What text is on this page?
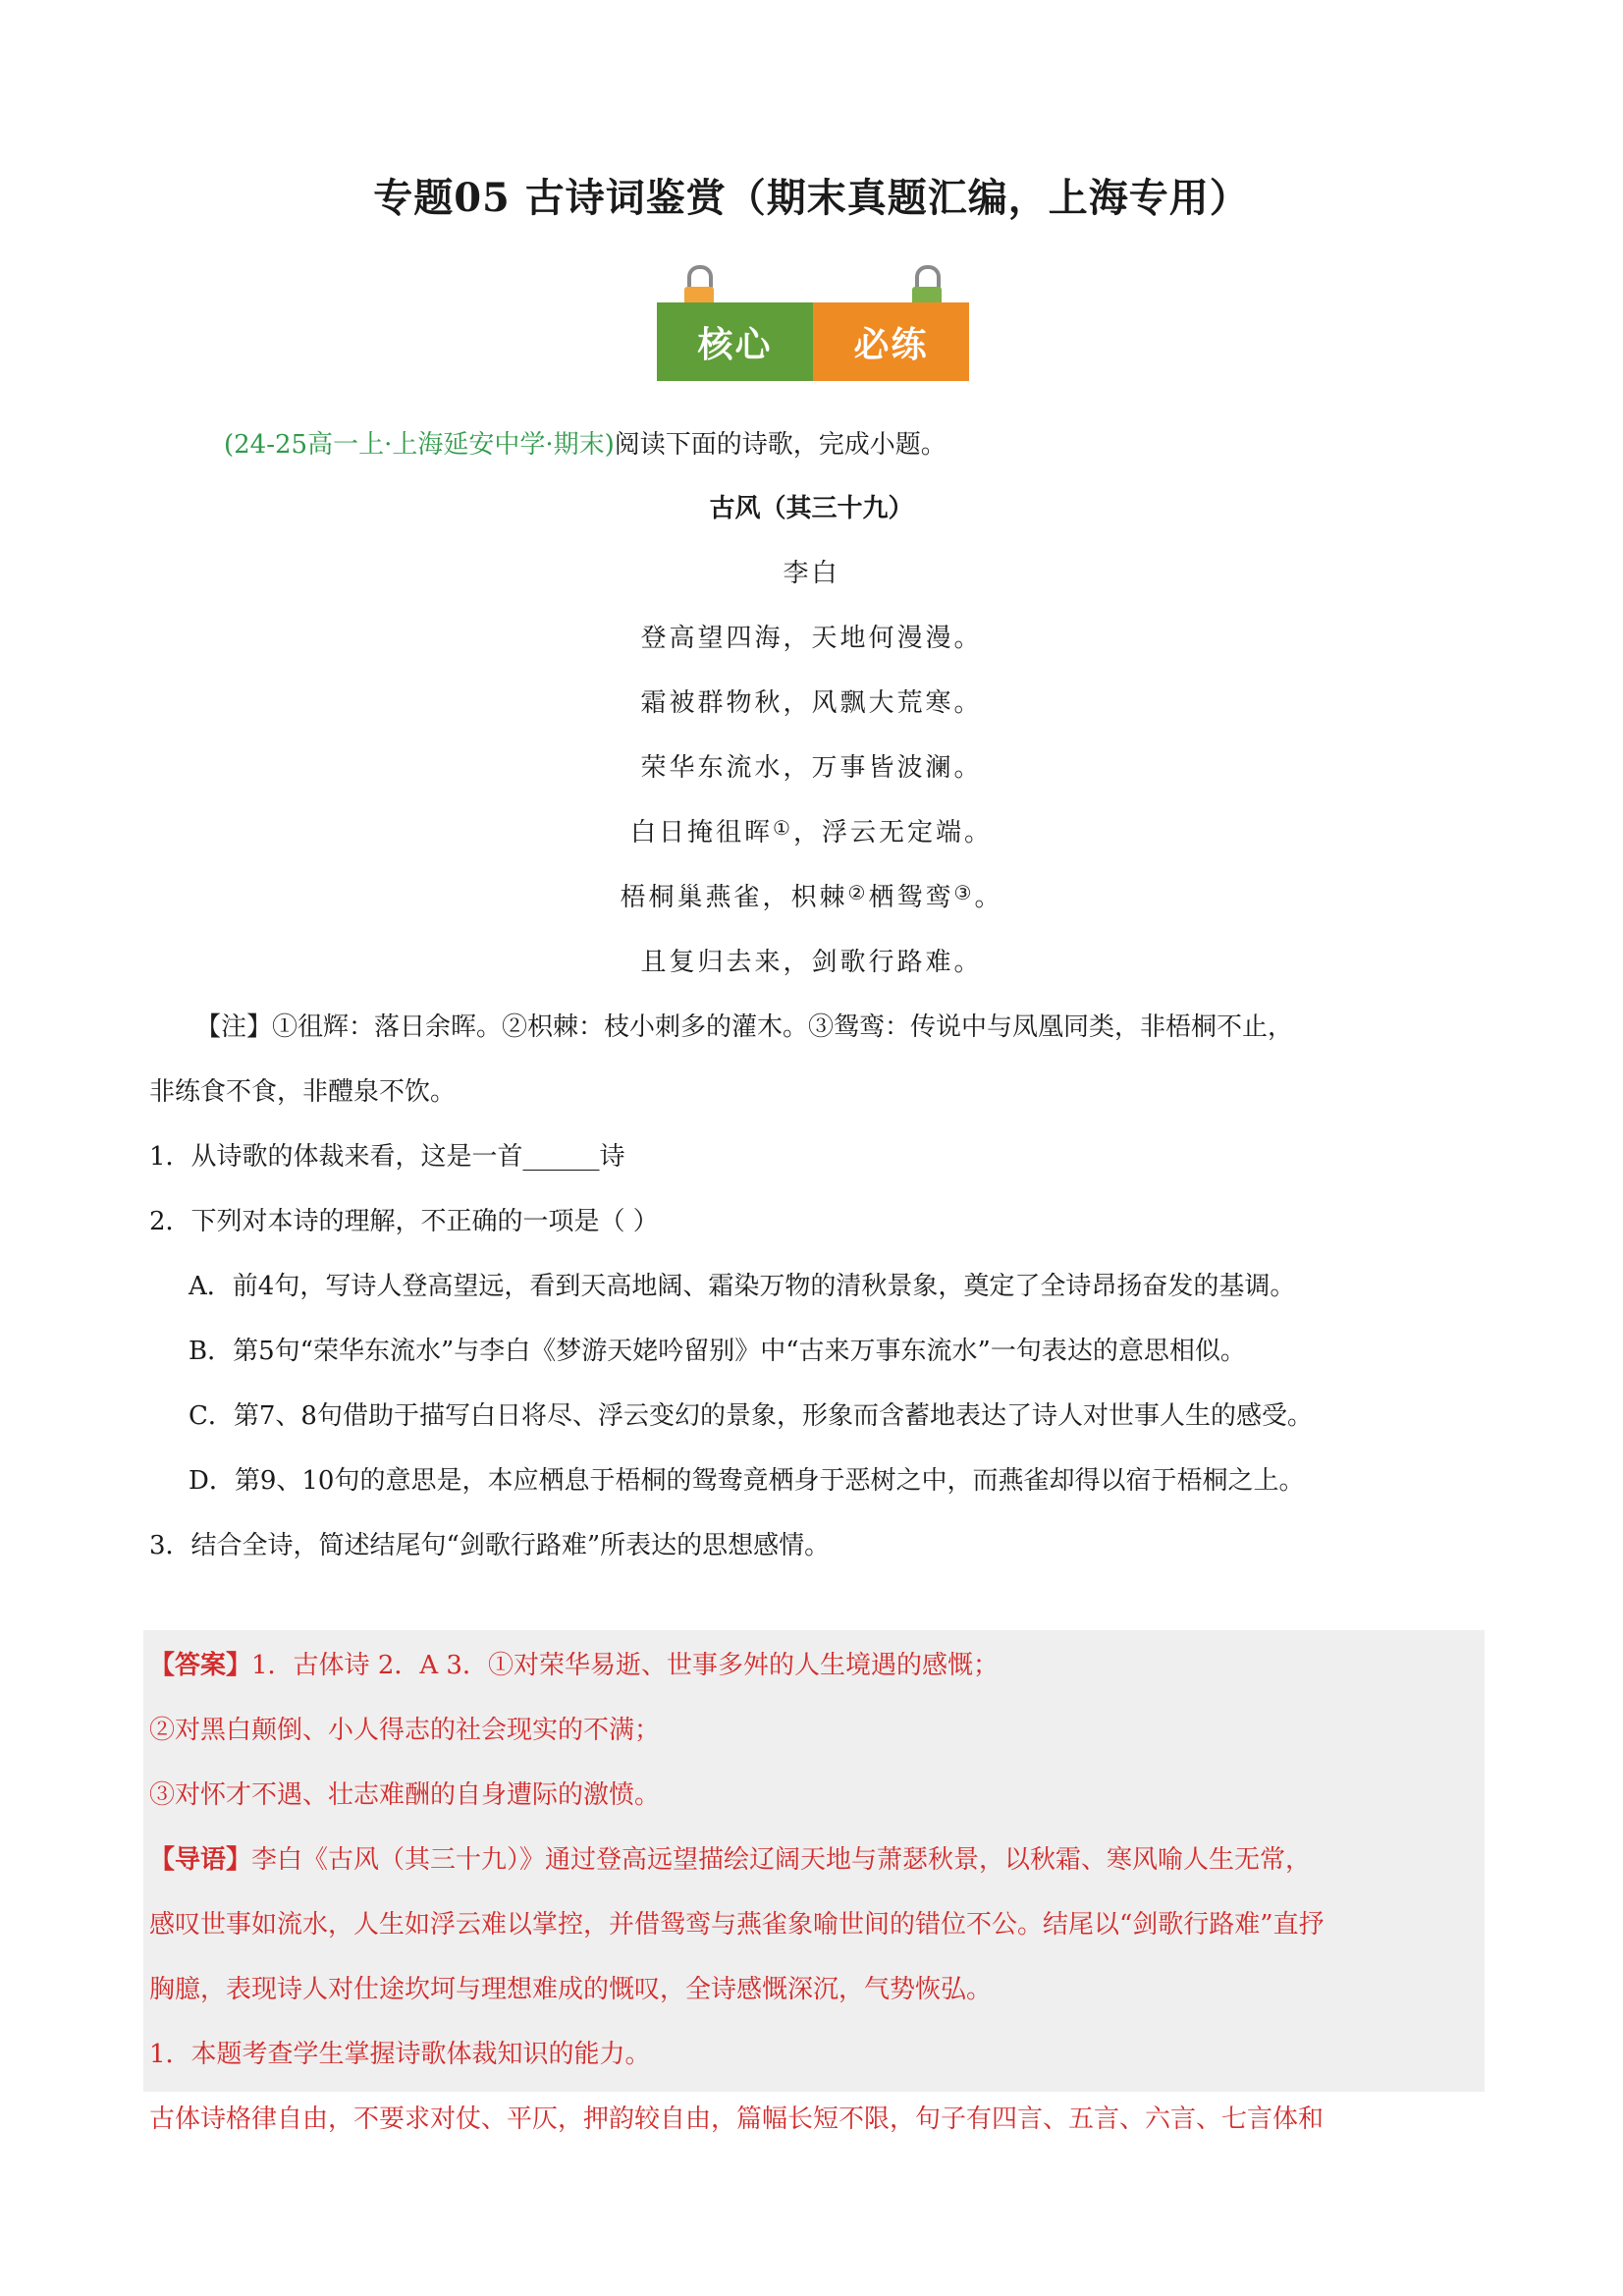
专题05 古诗词鉴赏（期末真题汇编，上海专用）
核心	必练
(24-25高一上·上海延安中学·期末)阅读下面的诗歌，完成小题。
古风（其三十九）
李白
登高望四海，天地何漫漫。
霜被群物秋，风飘大荒寒。
荣华东流水，万事皆波澜。
白日掩徂晖①，浮云无定端。
梧桐巢燕雀，枳棘②栖鸳鸾③。
且复归去来，剑歌行路难。
【注】①徂辉：落日余晖。②枳棘：枝小刺多的灌木。③鸳鸾：传说中与凤凰同类，非梧桐不止，
非练食不食，非醴泉不饮。
1．从诗歌的体裁来看，这是一首______诗
2．下列对本诗的理解，不正确的一项是（ ）
A．前4句，写诗人登高望远，看到天高地阔、霜染万物的清秋景象，奠定了全诗昂扬奋发的基调。
B．第5句“荣华东流水”与李白《梦游天姥吟留别》中“古来万事东流水”一句表达的意思相似。
C．第7、8句借助于描写白日将尽、浮云变幻的景象，形象而含蓄地表达了诗人对世事人生的感受。
D．第9、10句的意思是，本应栖息于梧桐的鸳鸯竟栖身于恶树之中，而燕雀却得以宿于梧桐之上。
3．结合全诗，简述结尾句“剑歌行路难”所表达的思想感情。
【答案】1．古体诗 2．A 3．①对荣华易逝、世事多舛的人生境遇的感慨；
②对黑白颠倒、小人得志的社会现实的不满；
③对怀才不遇、壮志难酬的自身遭际的激愤。
【导语】李白《古风（其三十九）》通过登高远望描绘辽阔天地与萧瑟秋景，以秋霜、寒风喻人生无常，
感叹世事如流水，人生如浮云难以掌控，并借鸳鸾与燕雀象喻世间的错位不公。结尾以“剑歌行路难”直抒
胸臆，表现诗人对仕途坎坷与理想难成的慨叹，全诗感慨深沉，气势恢弘。
1．本题考查学生掌握诗歌体裁知识的能力。
古体诗格律自由，不要求对仗、平仄，押韵较自由，篇幅长短不限，句子有四言、五言、六言、七言体和
